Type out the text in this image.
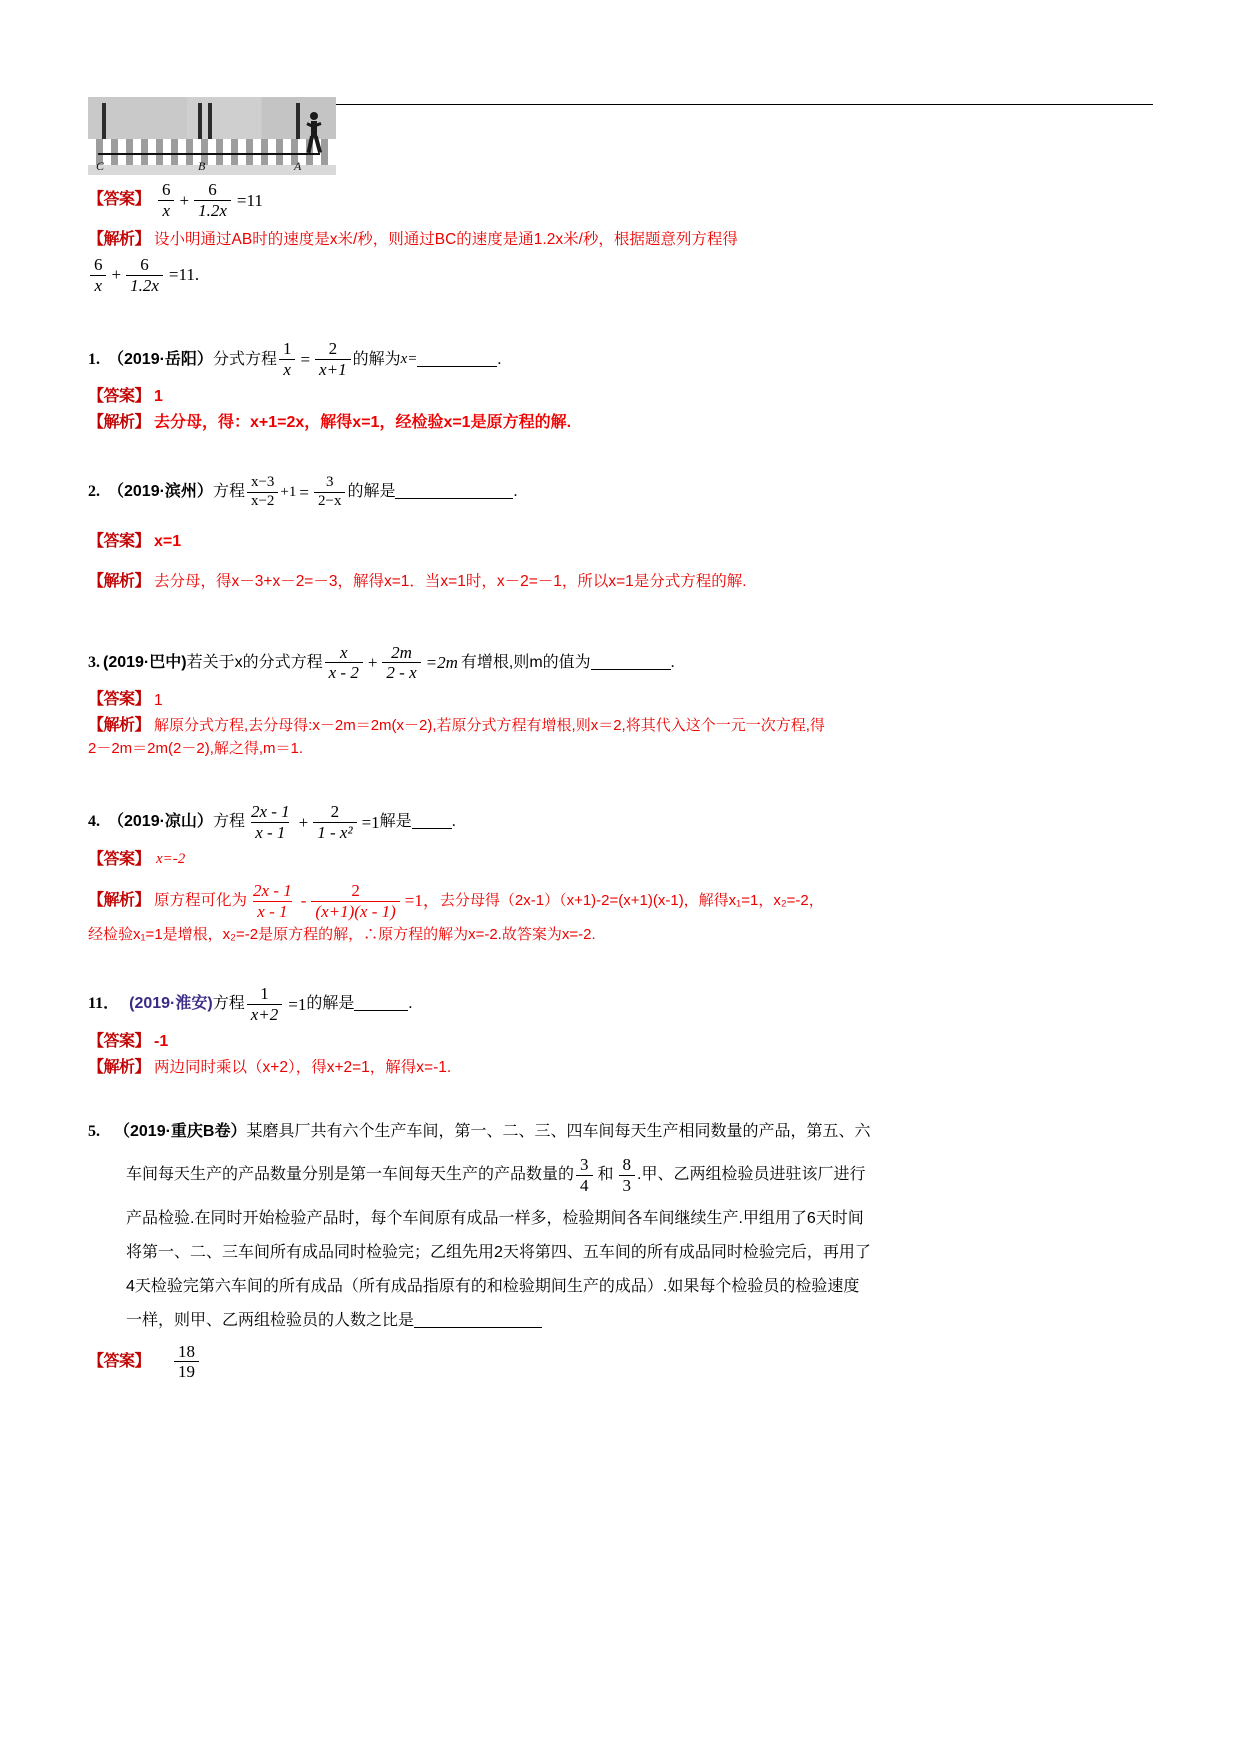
C	B	A
【答案】 $\frac{6}{x} + \frac{6}{1.2x} =11$
【解析】 设小明通过AB时的速度是x米/秒，则通过BC的速度是通1.2x米/秒，根据题意列方程得
$\frac{6}{x} + \frac{6}{1.2x} =11$ .
1. （2019·岳阳） 分式方程 $\frac{1}{x} = \frac{2}{x+1}$ 的解为 x=	.
【答案】 1
【解析】 去分母，得：x+1=2x，解得x=1，经检验x=1是原方程的解.
2. （2019·滨州） 方程 $\frac{x-3}{x-2} +1 = \frac{3}{2-x}$ 的解是	.
【答案】 x=1
【解析】 去分母，得x－3+x－2=－3，解得x=1．当x=1时，x－2=－1，所以x=1是分式方程的解.
3. (2019·巴中) 若关于x的分式方程 $\frac{x}{x - 2} + \frac{2m}{2 - x} =2m$ 有增根,则m的值为	.
【答案】 1
【解析】 解原分式方程,去分母得:x－2m＝2m(x－2),若原分式方程有增根,则x＝2,将其代入这个一元一次方程,得
2－2m＝2m(2－2),解之得,m＝1.
4. （2019·凉山） 方程 $\frac{2x - 1}{x - 1} + \frac{2}{\text{1 - x²}} =1$ 解是	.
【答案】 x=-2
【解析】 原方程可化为 $\frac{2x - 1}{x - 1} - \frac{2}{(x+1)(x - 1)} =1$， 去分母得（2x-1）（x+1)-2=(x+1)(x-1)，解得x₁=1，x₂=-2，
经检验x₁=1是增根，x₂=-2是原方程的解，∴原方程的解为x=-2.故答案为x=-2.
11． (2019·淮安) 方程 $\frac{1}{x+2} =1$ 的解是	.
【答案】 -1
【解析】 两边同时乘以（x+2），得x+2=1，解得x=-1.
5. （2019·重庆B卷） 某磨具厂共有六个生产车间，第一、二、三、四车间每天生产相同数量的产品，第五、六
车间每天生产的产品数量分别是第一车间每天生产的产品数量的 $\frac{3}{4}$ 和 $\frac{8}{3}$ .甲、乙两组检验员进驻该厂进行
产品检验.在同时开始检验产品时，每个车间原有成品一样多，检验期间各车间继续生产.甲组用了6天时间
将第一、二、三车间所有成品同时检验完；乙组先用2天将第四、五车间的所有成品同时检验完后，再用了
4天检验完第六车间的所有成品（所有成品指原有的和检验期间生产的成品）.如果每个检验员的检验速度
一样，则甲、乙两组检验员的人数之比是
【答案】 $\frac{18}{19}$
